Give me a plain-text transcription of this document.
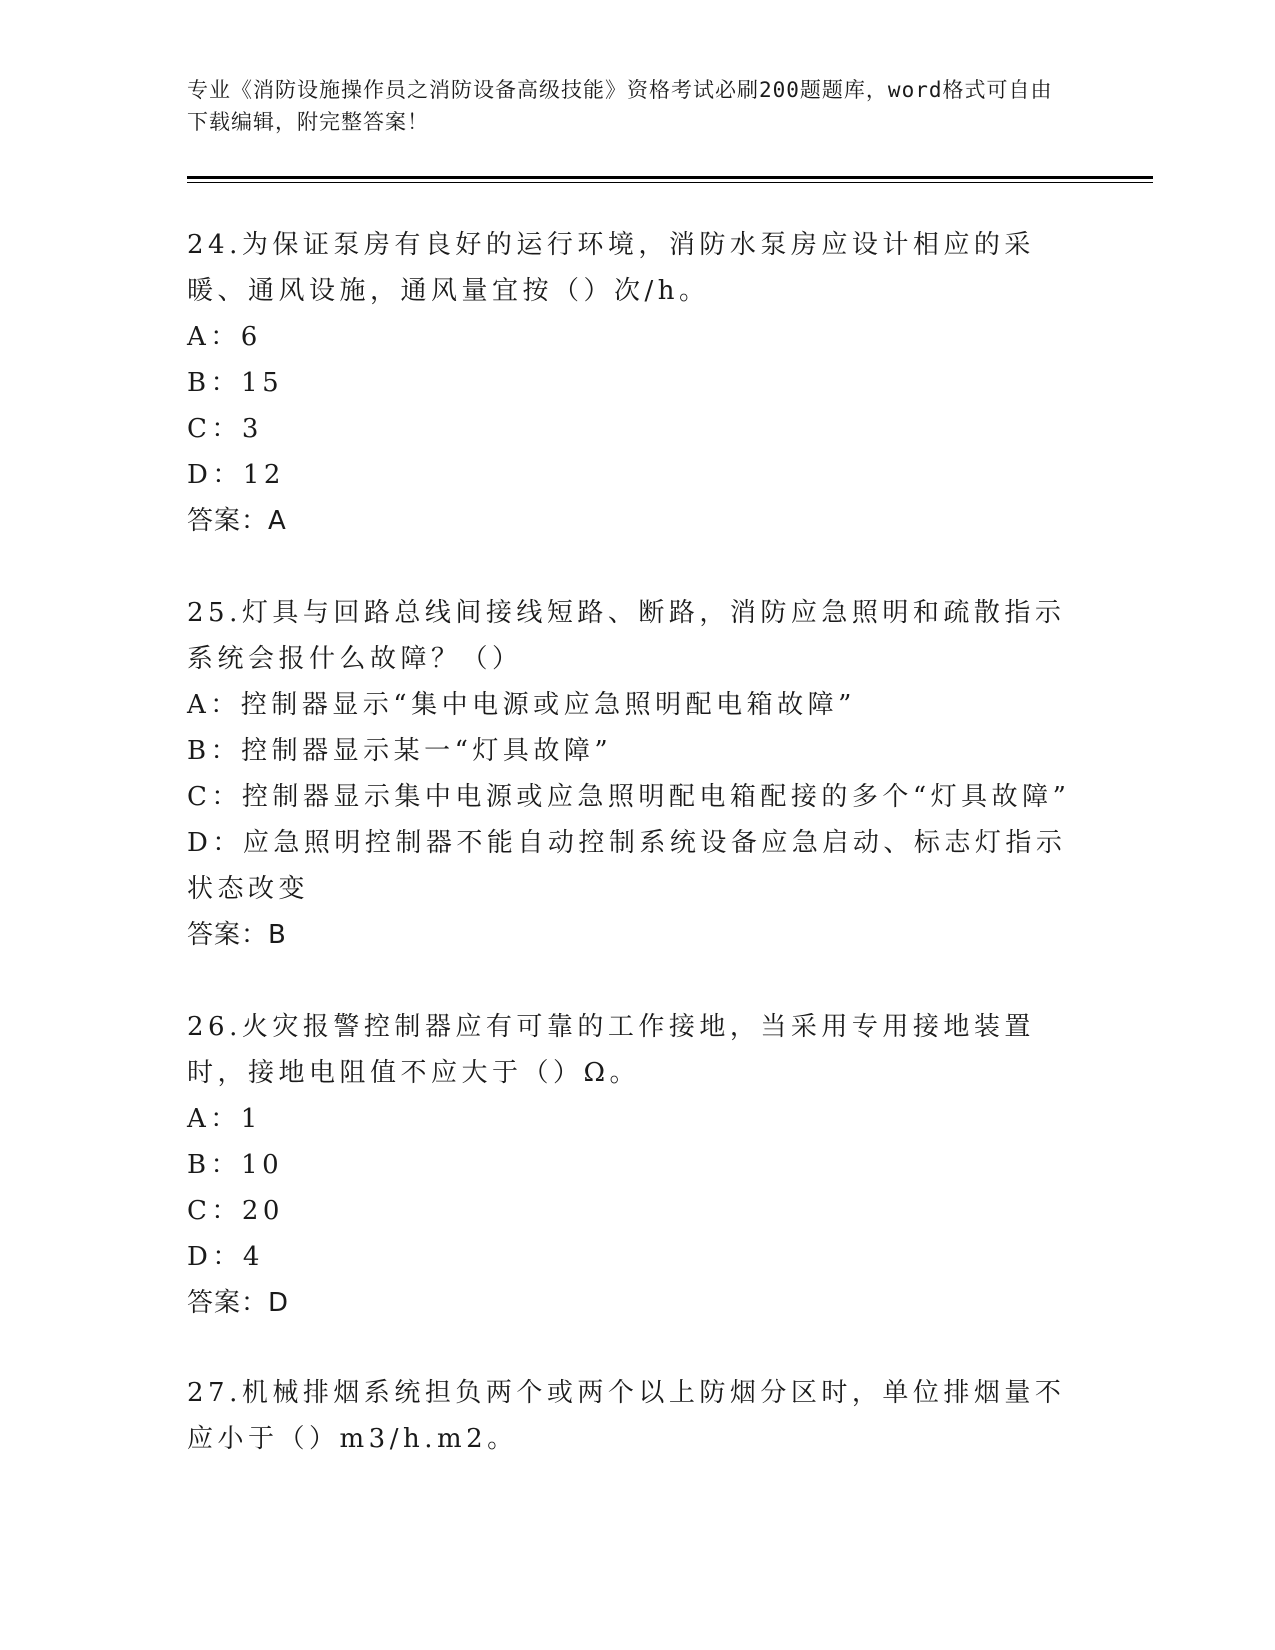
专业《消防设施操作员之消防设备高级技能》资格考试必刷200题题库，word格式可自由下载编辑，附完整答案！

24.为保证泵房有良好的运行环境，消防水泵房应设计相应的采暖、通风设施，通风量宜按（）次/h。

A：6

B：15

C：3

D：12

答案：A

25.灯具与回路总线间接线短路、断路，消防应急照明和疏散指示系统会报什么故障？（）

A：控制器显示“集中电源或应急照明配电箱故障”

B：控制器显示某一“灯具故障”

C：控制器显示集中电源或应急照明配电箱配接的多个“灯具故障”

D：应急照明控制器不能自动控制系统设备应急启动、标志灯指示状态改变

答案：B

26.火灾报警控制器应有可靠的工作接地，当采用专用接地装置时，接地电阻值不应大于（）Ω。

A：1

B：10

C：20

D：4

答案：D

27.机械排烟系统担负两个或两个以上防烟分区时，单位排烟量不应小于（）m3/h.m2。
